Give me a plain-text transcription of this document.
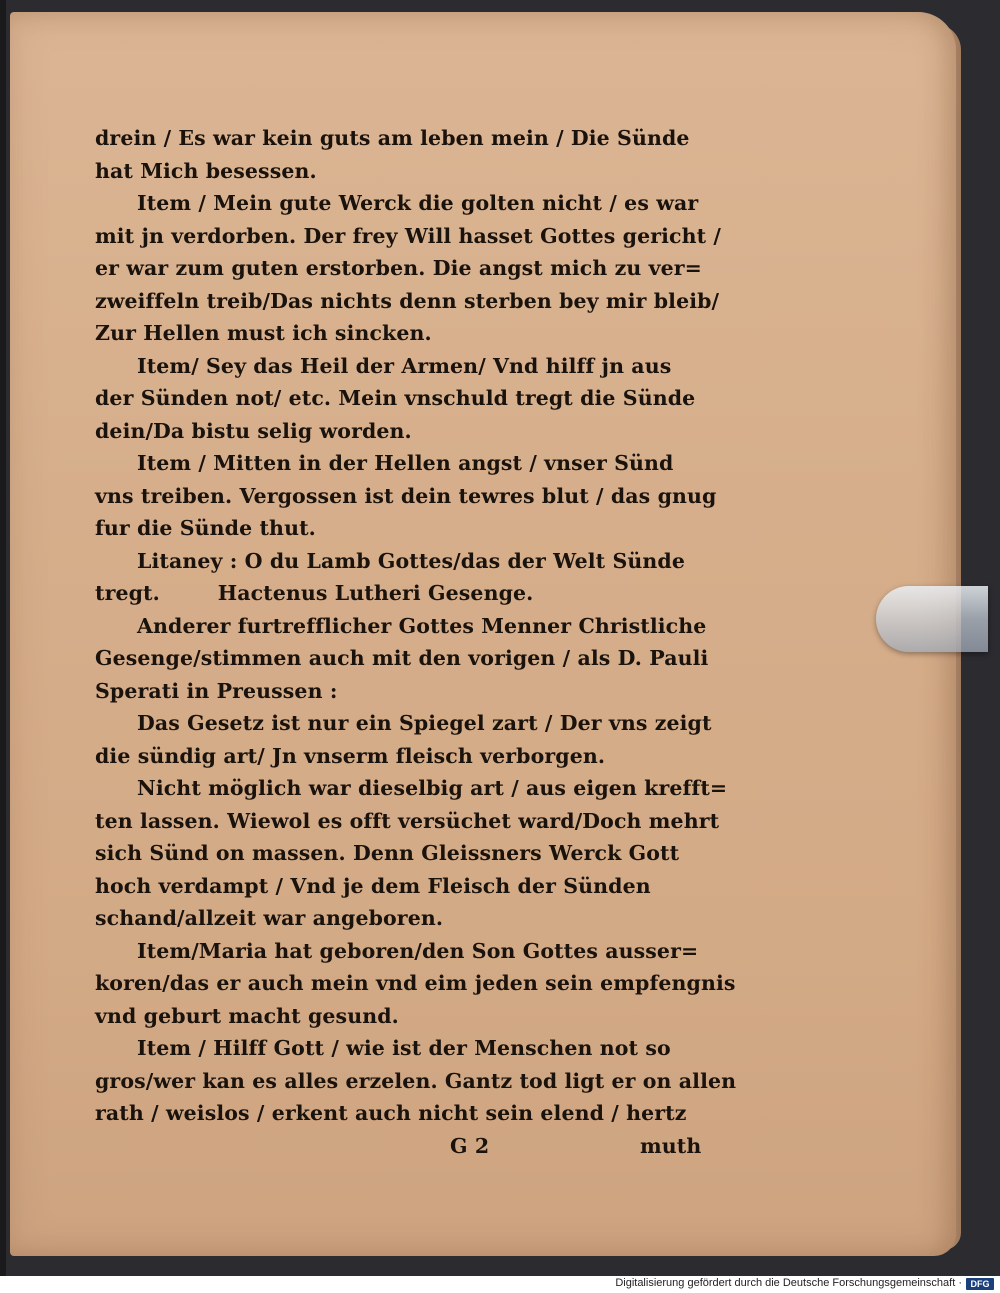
drein / Es war kein guts am leben mein / Die Sünde
hat Mich besessen.
Item / Mein gute Werck die golten nicht / es war
mit jn verdorben. Der frey Will hasset Gottes gericht /
er war zum guten erstorben. Die angst mich zu ver=
zweiffeln treib/Das nichts denn sterben bey mir bleib/
Zur Hellen must ich sincken.
Item/ Sey das Heil der Armen/ Vnd hilff jn aus
der Sünden not/ etc. Mein vnschuld tregt die Sünde
dein/Da bistu selig worden.
Item / Mitten in der Hellen angst / vnser Sünd
vns treiben. Vergossen ist dein tewres blut / das gnug
fur die Sünde thut.
Litaney : O du Lamb Gottes/das der Welt Sünde
tregt.        Hactenus Lutheri Gesenge.
Anderer furtrefflicher Gottes Menner Christliche
Gesenge/stimmen auch mit den vorigen / als D. Pauli
Sperati in Preussen :
Das Gesetz ist nur ein Spiegel zart / Der vns zeigt
die sündig art/ Jn vnserm fleisch verborgen.
Nicht möglich war dieselbig art / aus eigen krefft=
ten lassen. Wiewol es offt versüchet ward/Doch mehrt
sich Sünd on massen. Denn Gleissners Werck Gott
hoch verdampt / Vnd je dem Fleisch der Sünden
schand/allzeit war angeboren.
Item/Maria hat geboren/den Son Gottes ausser=
koren/das er auch mein vnd eim jeden sein empfengnis
vnd geburt macht gesund.
Item / Hilff Gott / wie ist der Menschen not so
gros/wer kan es alles erzelen. Gantz tod ligt er on allen
rath / weislos / erkent auch nicht sein elend / hertz
G 2	muth
Digitalisierung gefördert durch die Deutsche Forschungsgemeinschaft · DFG
